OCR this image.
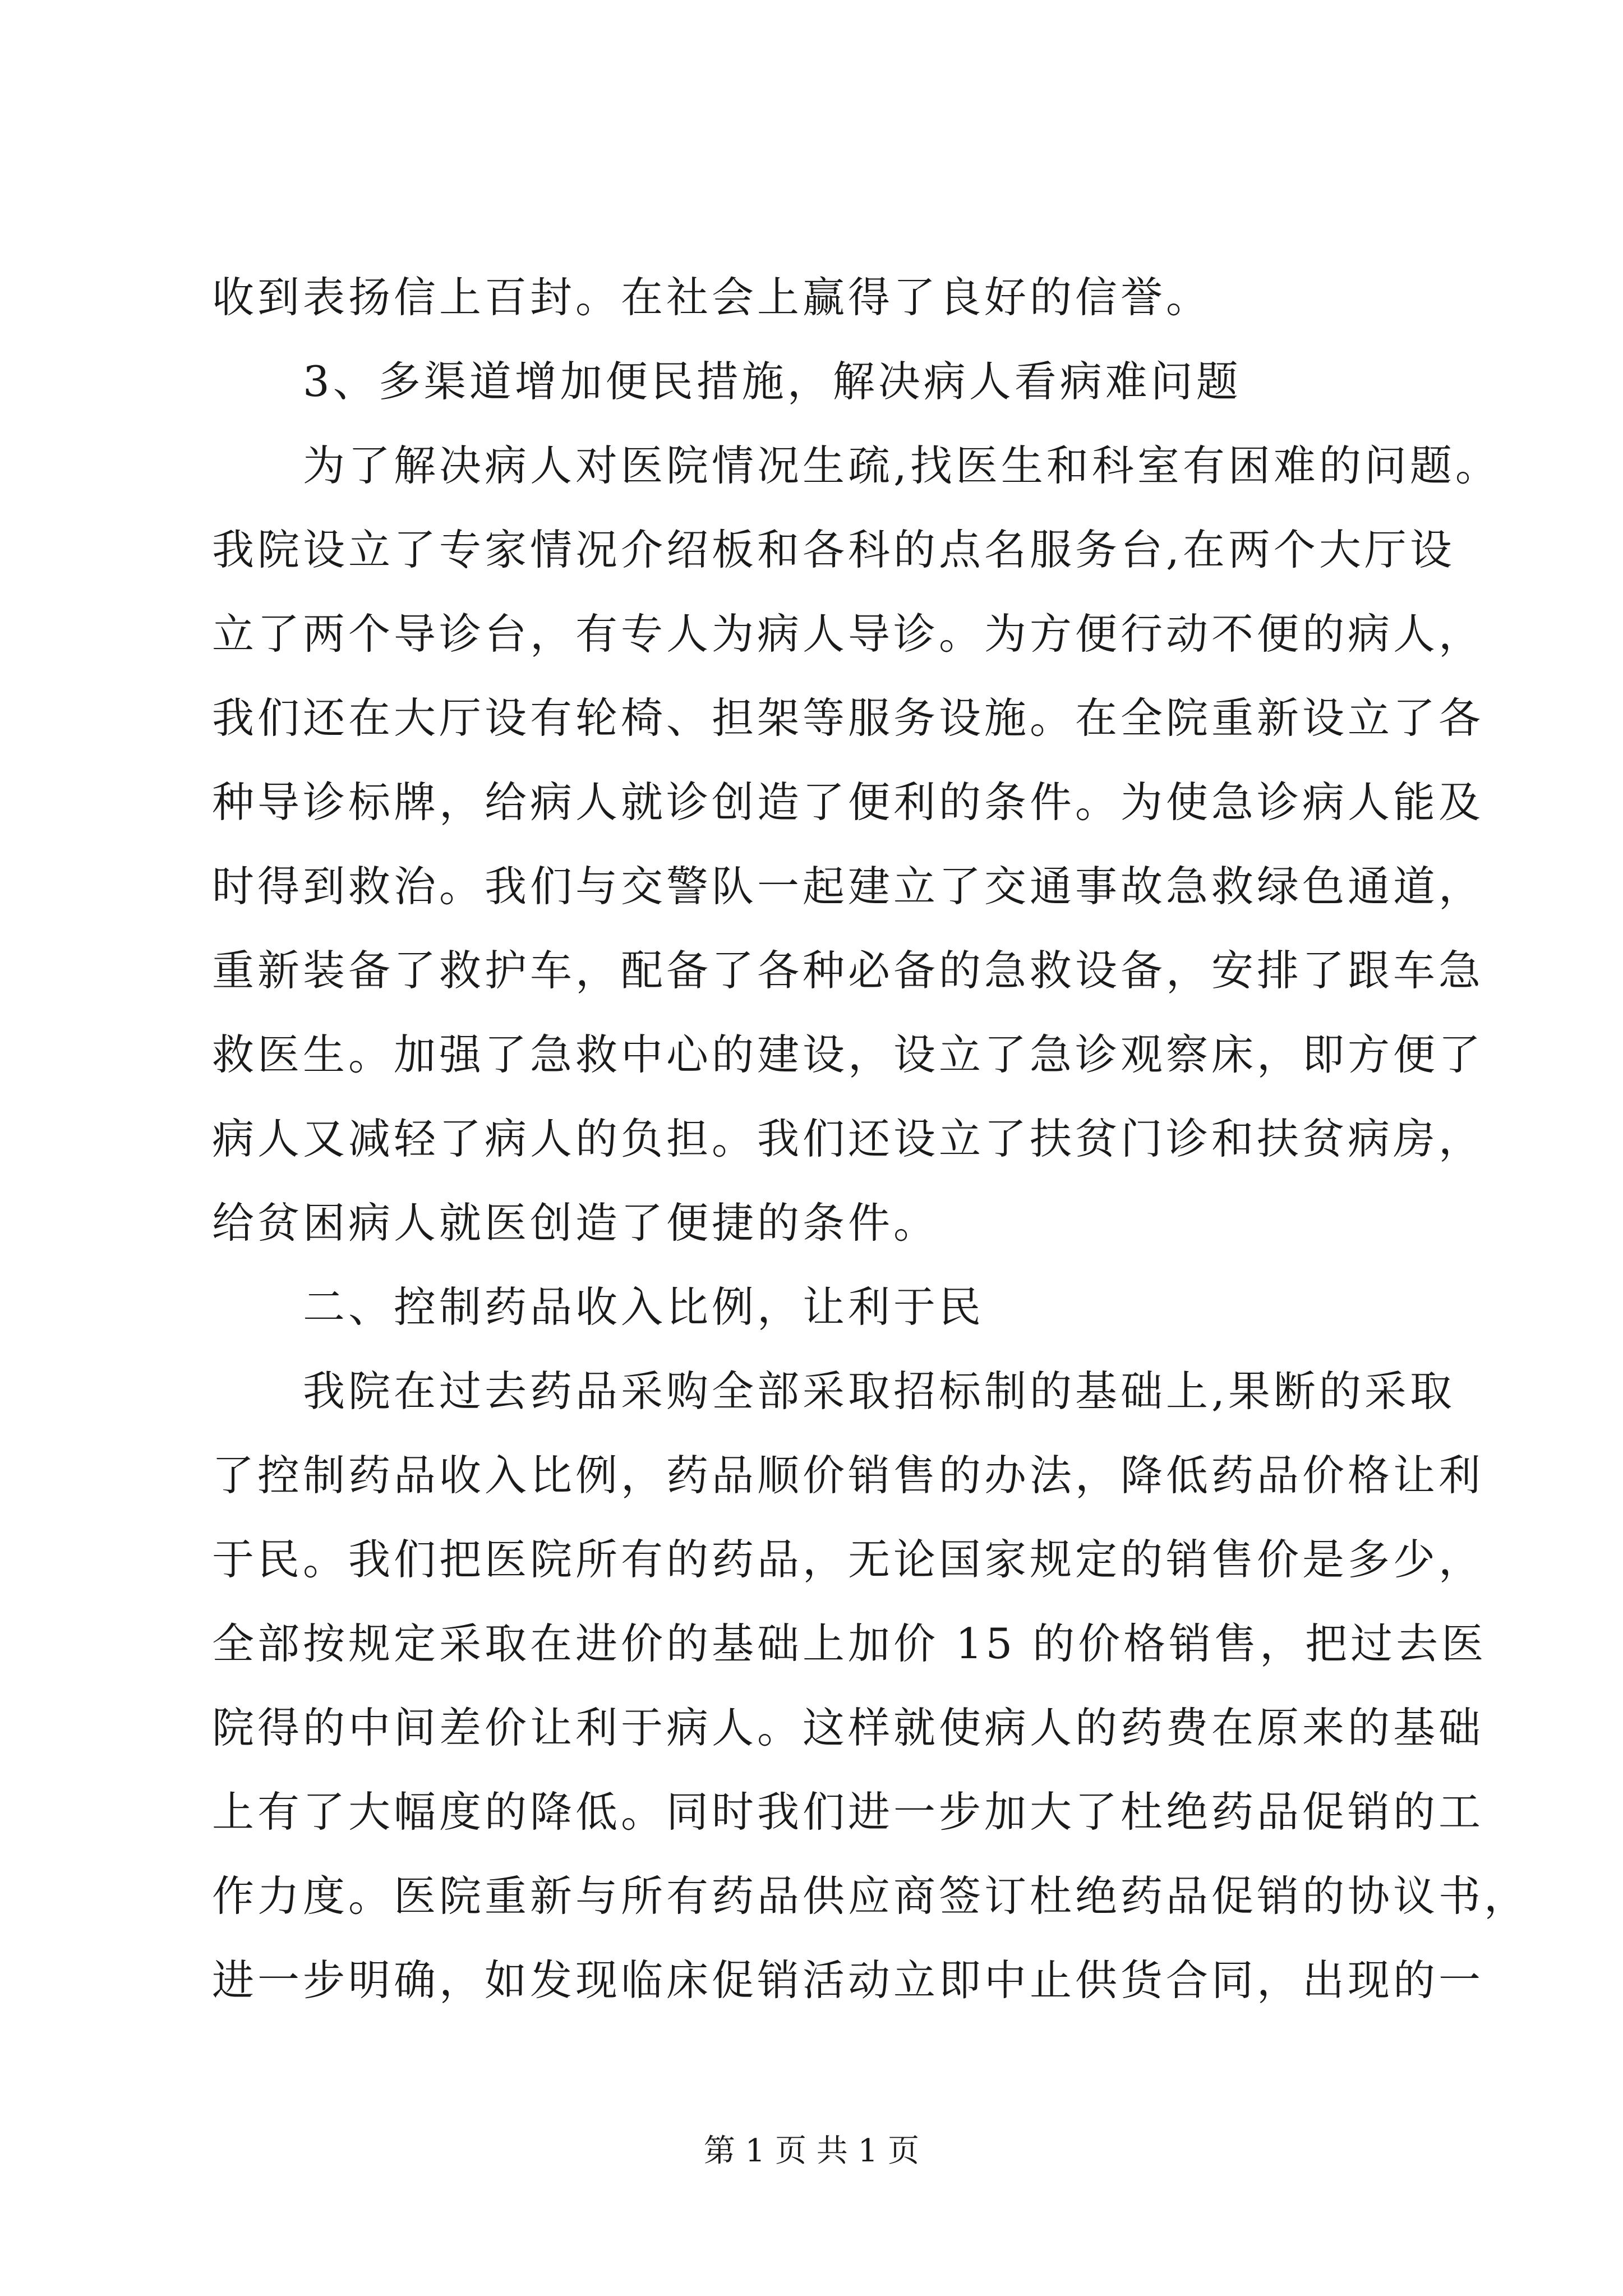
收到表扬信上百封。在社会上赢得了良好的信誉。
3、多渠道增加便民措施，解决病人看病难问题
为了解决病人对医院情况生疏,找医生和科室有困难的问题。
我院设立了专家情况介绍板和各科的点名服务台,在两个大厅设
立了两个导诊台，有专人为病人导诊。为方便行动不便的病人，
我们还在大厅设有轮椅、担架等服务设施。在全院重新设立了各
种导诊标牌，给病人就诊创造了便利的条件。为使急诊病人能及
时得到救治。我们与交警队一起建立了交通事故急救绿色通道，
重新装备了救护车，配备了各种必备的急救设备，安排了跟车急
救医生。加强了急救中心的建设，设立了急诊观察床，即方便了
病人又减轻了病人的负担。我们还设立了扶贫门诊和扶贫病房，
给贫困病人就医创造了便捷的条件。
二、控制药品收入比例，让利于民
我院在过去药品采购全部采取招标制的基础上,果断的采取
了控制药品收入比例，药品顺价销售的办法，降低药品价格让利
于民。我们把医院所有的药品，无论国家规定的销售价是多少，
全部按规定采取在进价的基础上加价 15 的价格销售，把过去医
院得的中间差价让利于病人。这样就使病人的药费在原来的基础
上有了大幅度的降低。同时我们进一步加大了杜绝药品促销的工
作力度。医院重新与所有药品供应商签订杜绝药品促销的协议书，
进一步明确，如发现临床促销活动立即中止供货合同，出现的一
第 1 页 共 1 页
